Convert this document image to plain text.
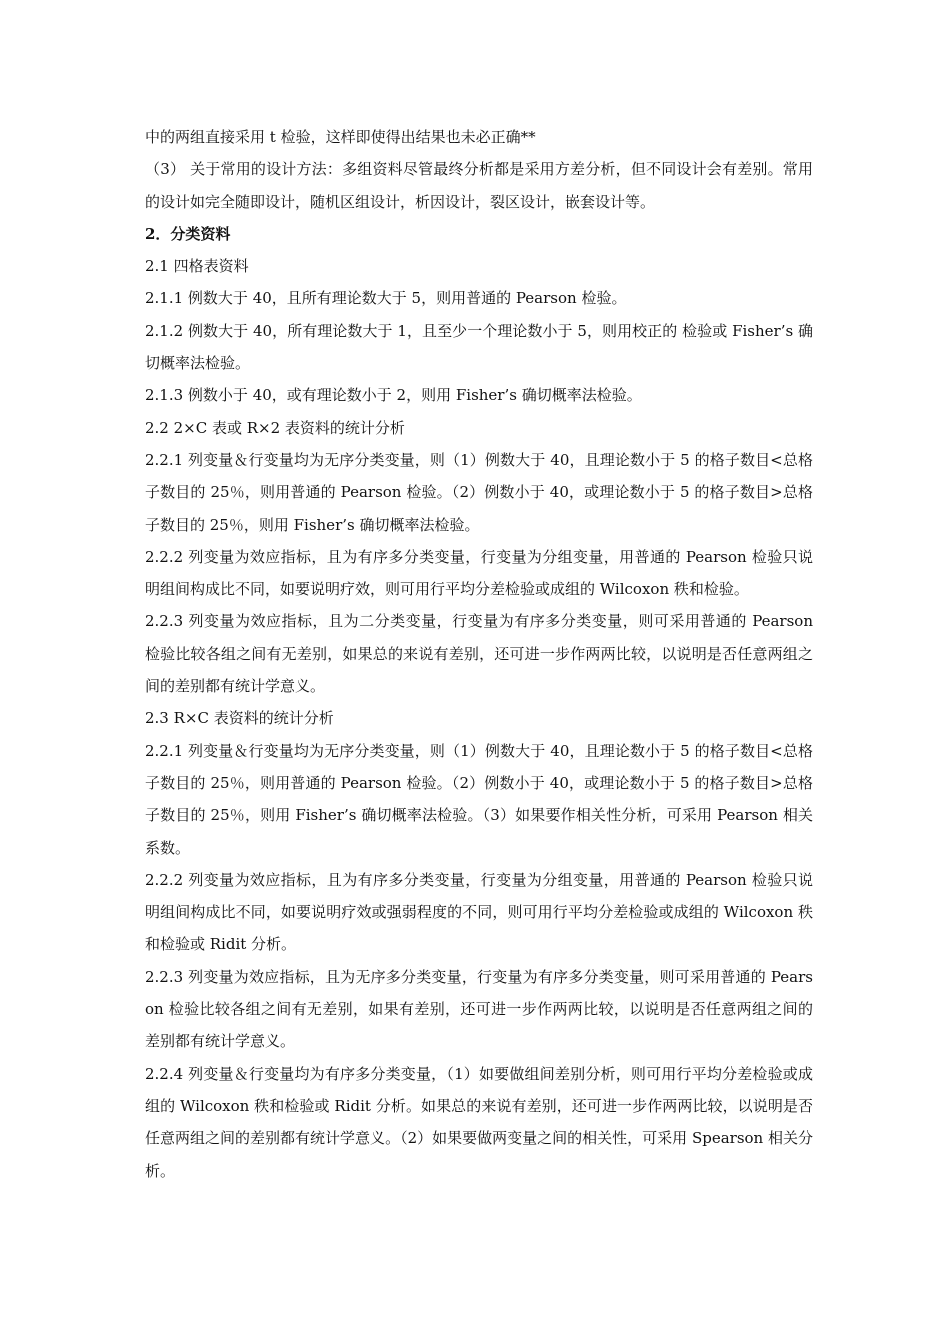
中的两组直接采用 t 检验，这样即使得出结果也未必正确**

（3） 关于常用的设计方法：多组资料尽管最终分析都是采用方差分析，但不同设计会有差别。常用的设计如完全随即设计，随机区组设计，析因设计，裂区设计，嵌套设计等。

2．分类资料

2.1 四格表资料

2.1.1 例数大于 40，且所有理论数大于 5，则用普通的 Pearson 检验。

2.1.2 例数大于 40，所有理论数大于 1，且至少一个理论数小于 5，则用校正的 检验或 Fisher’s 确切概率法检验。

2.1.3 例数小于 40，或有理论数小于 2，则用 Fisher’s 确切概率法检验。

2.2 2×C 表或 R×2 表资料的统计分析

2.2.1 列变量＆行变量均为无序分类变量，则（1）例数大于 40，且理论数小于 5 的格子数目<总格子数目的 25％，则用普通的 Pearson 检验。（2）例数小于 40，或理论数小于 5 的格子数目>总格子数目的 25％，则用 Fisher’s 确切概率法检验。

2.2.2 列变量为效应指标，且为有序多分类变量，行变量为分组变量，用普通的 Pearson 检验只说明组间构成比不同，如要说明疗效，则可用行平均分差检验或成组的 Wilcoxon 秩和检验。

2.2.3 列变量为效应指标，且为二分类变量，行变量为有序多分类变量，则可采用普通的 Pearson 检验比较各组之间有无差别，如果总的来说有差别，还可进一步作两两比较，以说明是否任意两组之间的差别都有统计学意义。

2.3 R×C 表资料的统计分析

2.2.1 列变量＆行变量均为无序分类变量，则（1）例数大于 40，且理论数小于 5 的格子数目<总格子数目的 25％，则用普通的 Pearson 检验。（2）例数小于 40，或理论数小于 5 的格子数目>总格子数目的 25％，则用 Fisher’s 确切概率法检验。（3）如果要作相关性分析，可采用 Pearson 相关系数。

2.2.2 列变量为效应指标，且为有序多分类变量，行变量为分组变量，用普通的 Pearson 检验只说明组间构成比不同，如要说明疗效或强弱程度的不同，则可用行平均分差检验或成组的 Wilcoxon 秩和检验或 Ridit 分析。

2.2.3 列变量为效应指标，且为无序多分类变量，行变量为有序多分类变量，则可采用普通的 Pearson 检验比较各组之间有无差别，如果有差别，还可进一步作两两比较，以说明是否任意两组之间的差别都有统计学意义。

2.2.4 列变量＆行变量均为有序多分类变量，（1）如要做组间差别分析，则可用行平均分差检验或成组的 Wilcoxon 秩和检验或 Ridit 分析。如果总的来说有差别，还可进一步作两两比较，以说明是否任意两组之间的差别都有统计学意义。（2）如果要做两变量之间的相关性，可采用 Spearson 相关分析。
